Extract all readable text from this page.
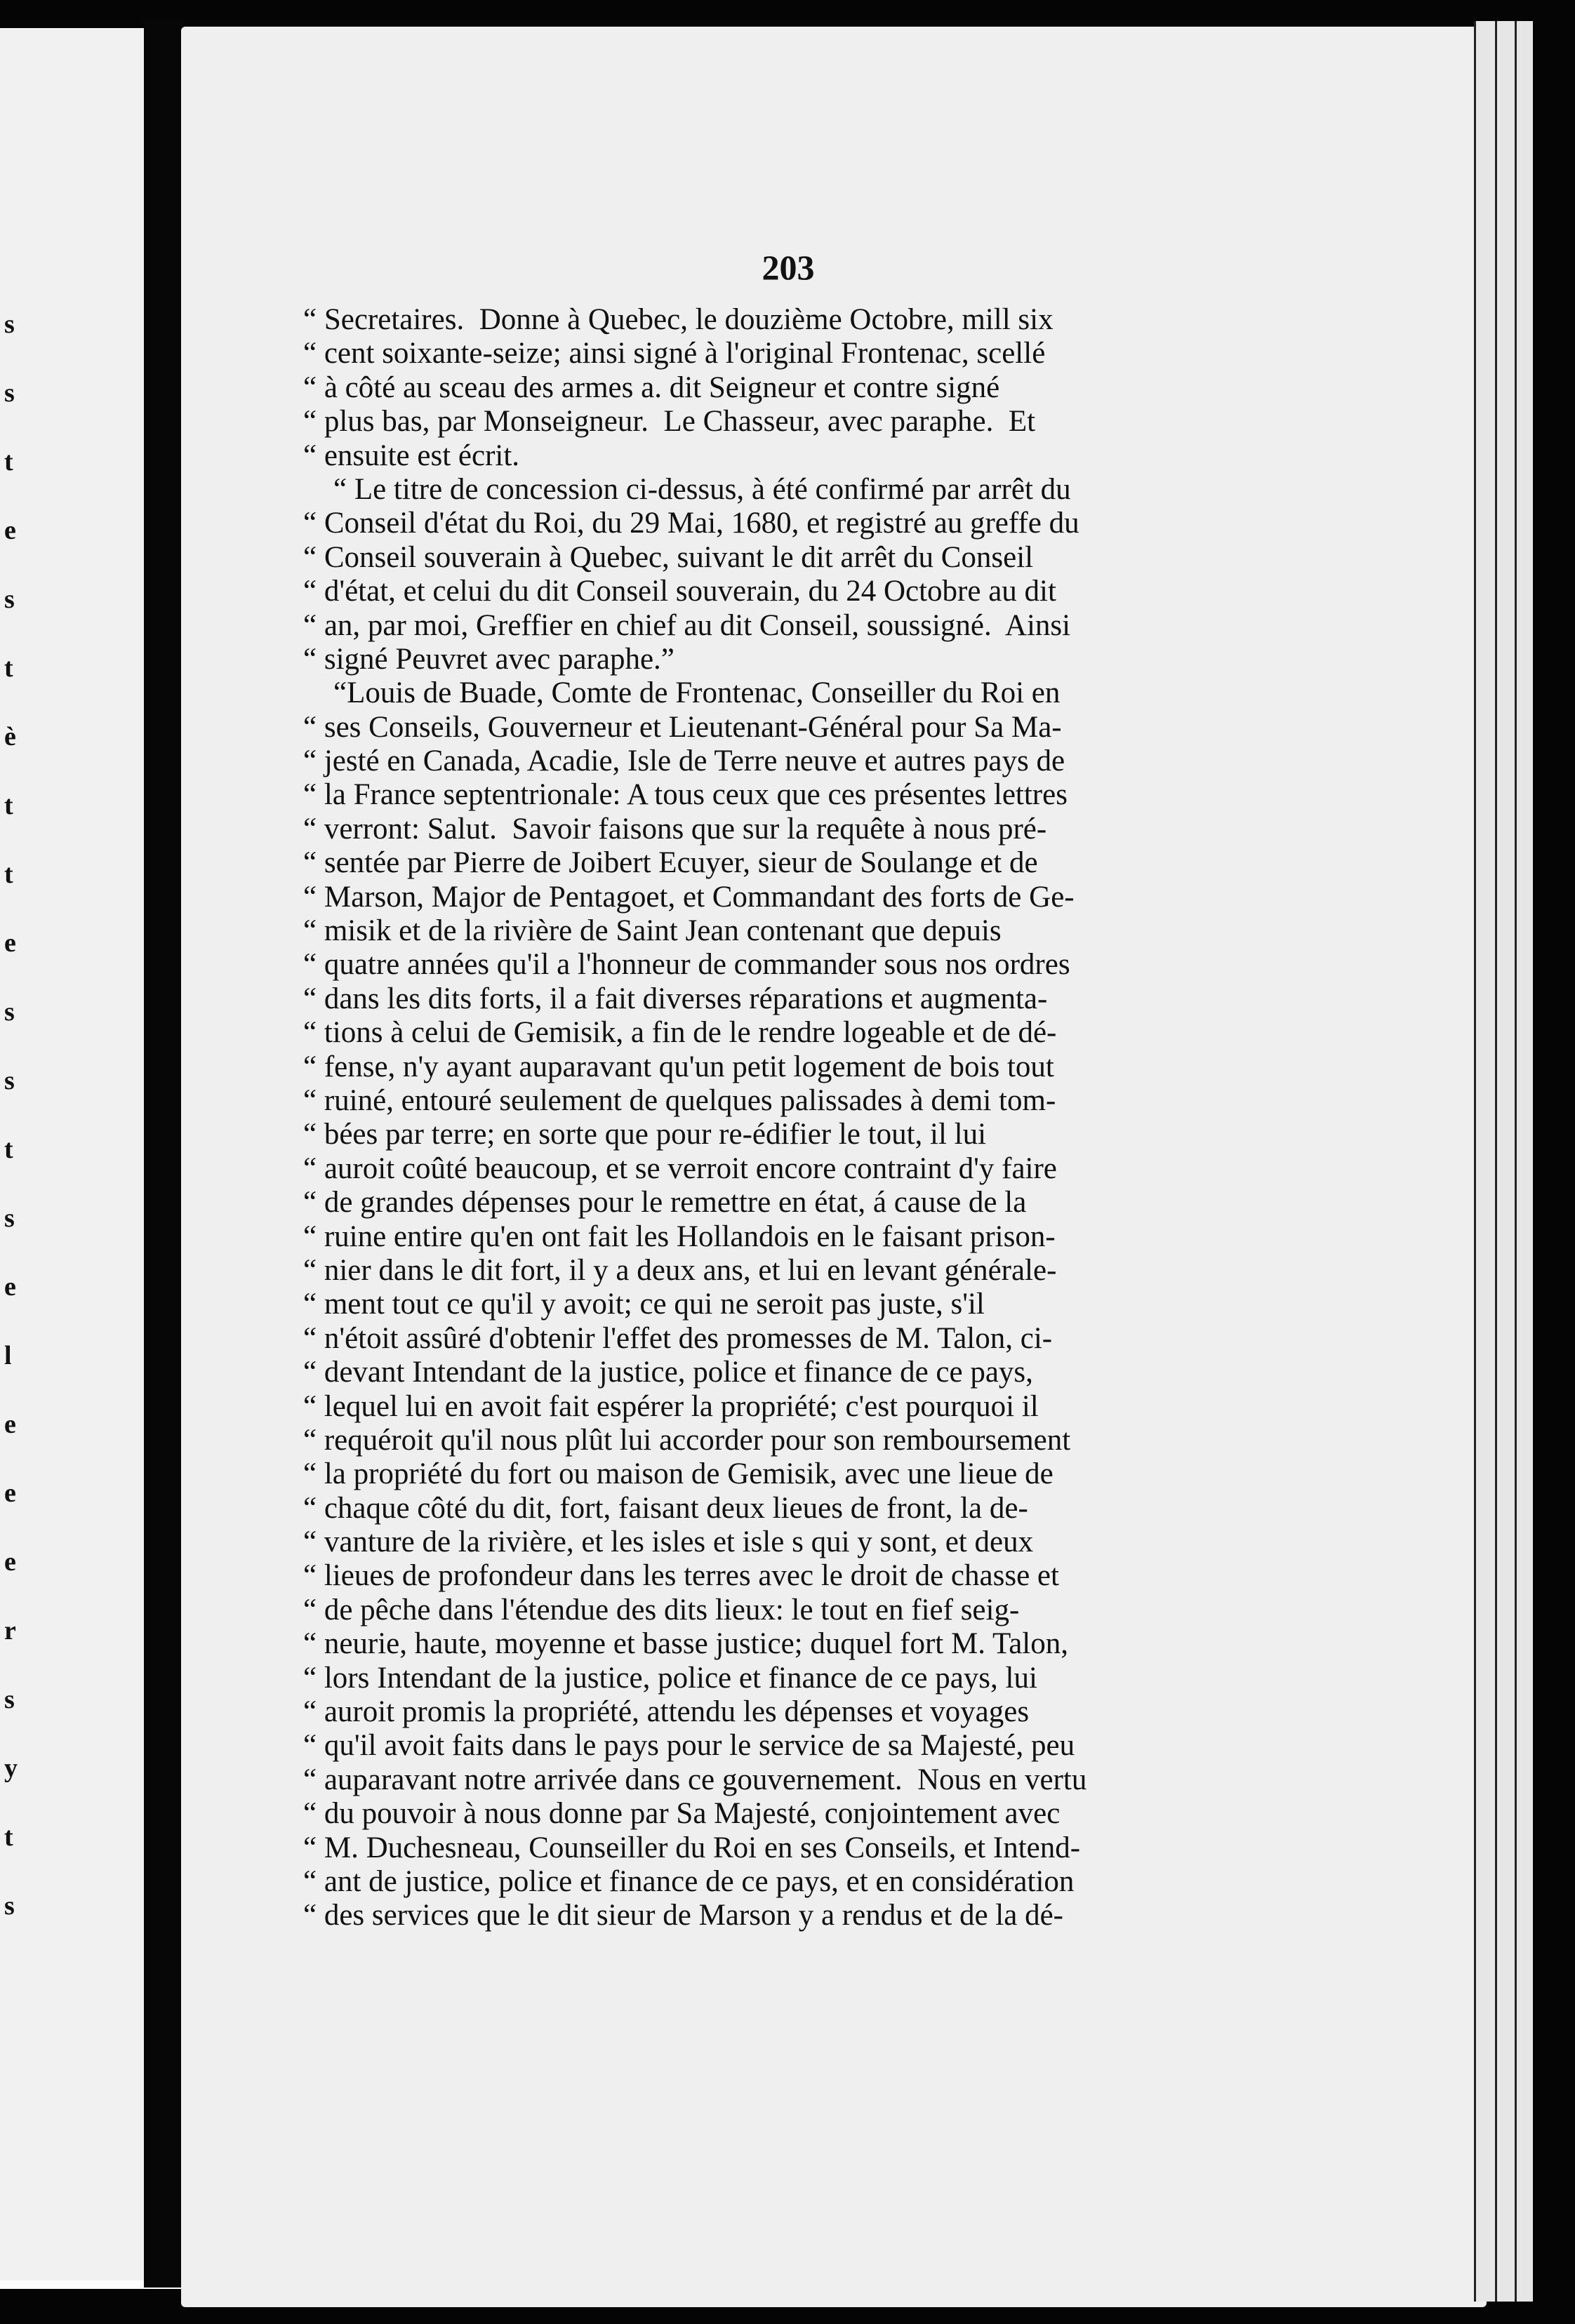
s
s
t
e
s
t
è
t
t
e
s
s
t
s
e
l
e
e
e
r
s
y
t
s
203
“ Secretaires.  Donne à Quebec, le douzième Octobre, mill six
“ cent soixante-seize; ainsi signé à l'original Frontenac, scellé
“ à côté au sceau des armes a. dit Seigneur et contre signé
“ plus bas, par Monseigneur.  Le Chasseur, avec paraphe.  Et
“ ensuite est écrit.
“ Le titre de concession ci-dessus, à été confirmé par arrêt du
“ Conseil d'état du Roi, du 29 Mai, 1680, et registré au greffe du
“ Conseil souverain à Quebec, suivant le dit arrêt du Conseil
“ d'état, et celui du dit Conseil souverain, du 24 Octobre au dit
“ an, par moi, Greffier en chief au dit Conseil, soussigné.  Ainsi
“ signé Peuvret avec paraphe.”
“Louis de Buade, Comte de Frontenac, Conseiller du Roi en
“ ses Conseils, Gouverneur et Lieutenant-Général pour Sa Ma-
“ jesté en Canada, Acadie, Isle de Terre neuve et autres pays de
“ la France septentrionale: A tous ceux que ces présentes lettres
“ verront: Salut.  Savoir faisons que sur la requête à nous pré-
“ sentée par Pierre de Joibert Ecuyer, sieur de Soulange et de
“ Marson, Major de Pentagoet, et Commandant des forts de Ge-
“ misik et de la rivière de Saint Jean contenant que depuis
“ quatre années qu'il a l'honneur de commander sous nos ordres
“ dans les dits forts, il a fait diverses réparations et augmenta-
“ tions à celui de Gemisik, a fin de le rendre logeable et de dé-
“ fense, n'y ayant auparavant qu'un petit logement de bois tout
“ ruiné, entouré seulement de quelques palissades à demi tom-
“ bées par terre; en sorte que pour re-édifier le tout, il lui
“ auroit coûté beaucoup, et se verroit encore contraint d'y faire
“ de grandes dépenses pour le remettre en état, á cause de la
“ ruine entire qu'en ont fait les Hollandois en le faisant prison-
“ nier dans le dit fort, il y a deux ans, et lui en levant générale-
“ ment tout ce qu'il y avoit; ce qui ne seroit pas juste, s'il
“ n'étoit assûré d'obtenir l'effet des promesses de M. Talon, ci-
“ devant Intendant de la justice, police et finance de ce pays,
“ lequel lui en avoit fait espérer la propriété; c'est pourquoi il
“ requéroit qu'il nous plût lui accorder pour son remboursement
“ la propriété du fort ou maison de Gemisik, avec une lieue de
“ chaque côté du dit, fort, faisant deux lieues de front, la de-
“ vanture de la rivière, et les isles et isle s qui y sont, et deux
“ lieues de profondeur dans les terres avec le droit de chasse et
“ de pêche dans l'étendue des dits lieux: le tout en fief seig-
“ neurie, haute, moyenne et basse justice; duquel fort M. Talon,
“ lors Intendant de la justice, police et finance de ce pays, lui
“ auroit promis la propriété, attendu les dépenses et voyages
“ qu'il avoit faits dans le pays pour le service de sa Majesté, peu
“ auparavant notre arrivée dans ce gouvernement.  Nous en vertu
“ du pouvoir à nous donne par Sa Majesté, conjointement avec
“ M. Duchesneau, Counseiller du Roi en ses Conseils, et Intend-
“ ant de justice, police et finance de ce pays, et en considération
“ des services que le dit sieur de Marson y a rendus et de la dé-
